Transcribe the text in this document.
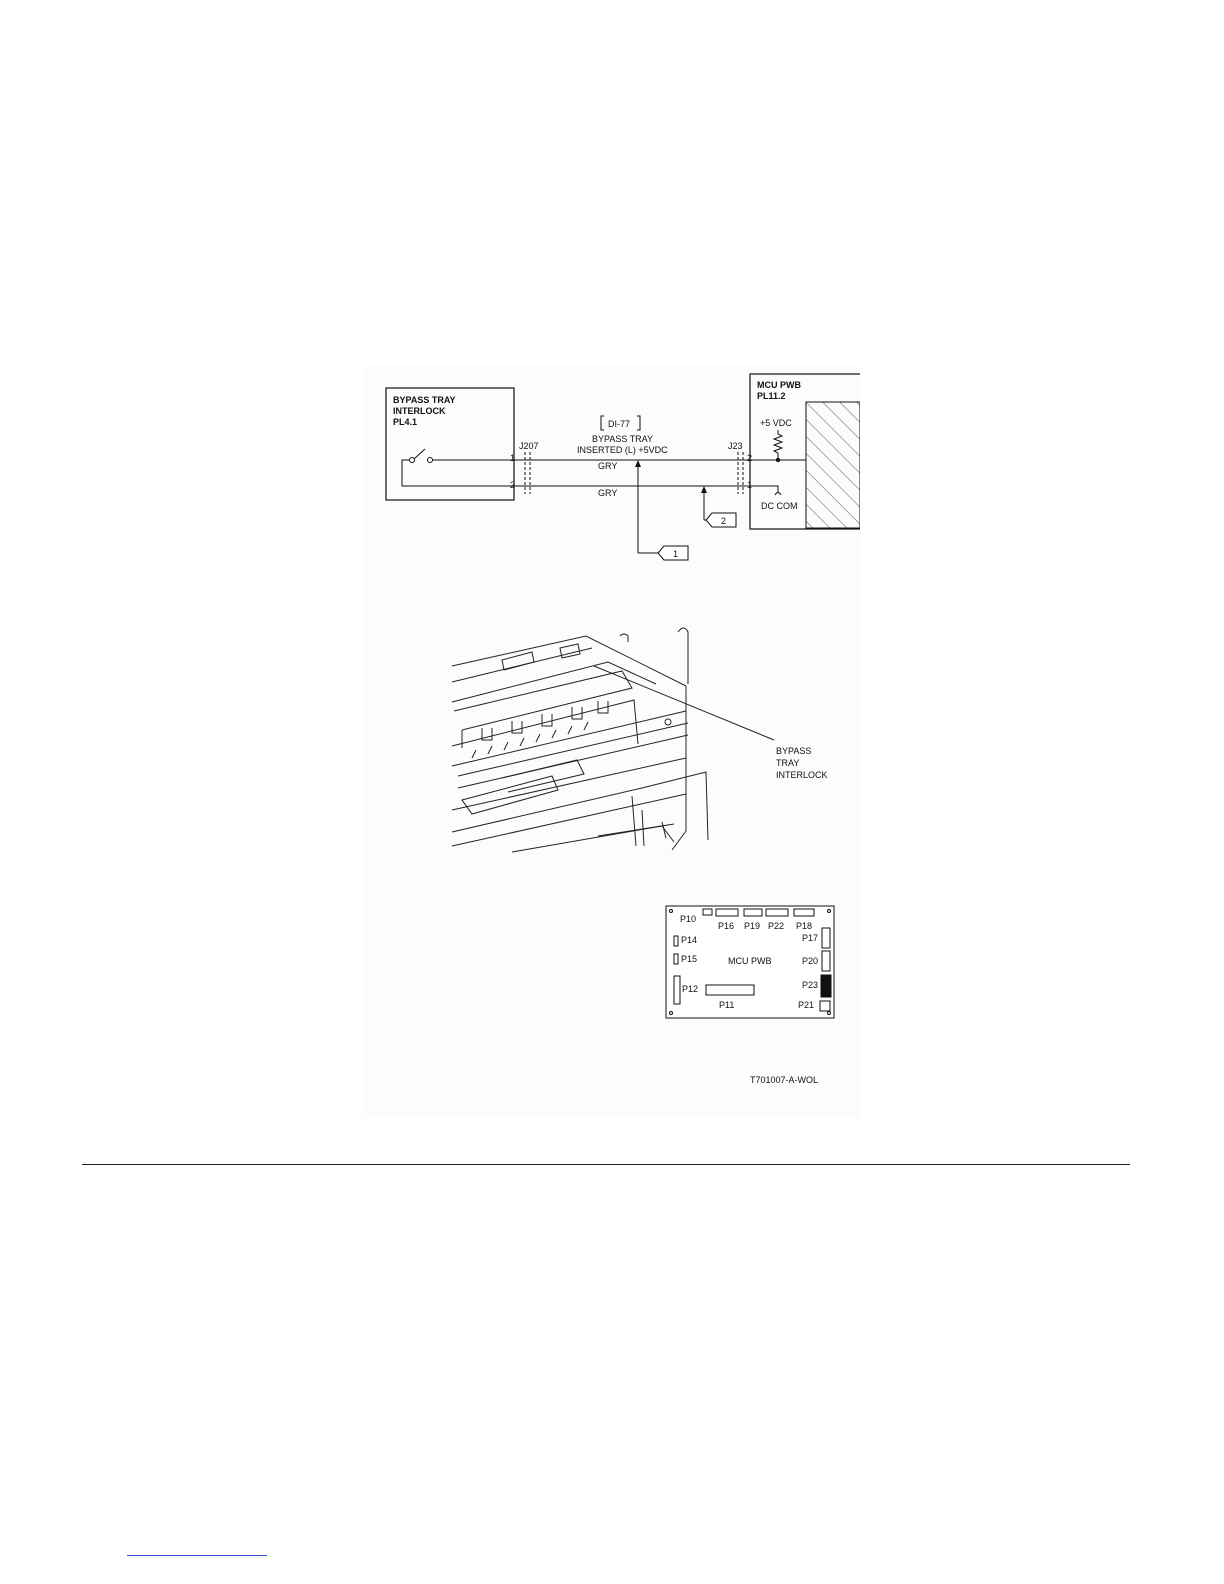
BYPASS TRAY
INTERLOCK
PL4.1
J207
1
2
DI-77
BYPASS TRAY
INSERTED (L) +5VDC
GRY
GRY
1
2
J23
2
1
MCU PWB
PL11.2
+5 VDC
DC COM
BYPASS
TRAY
INTERLOCK
P10
P16 P19 P22 P18
P14
P15
P12
P11
P17
P20
P23
P21
MCU PWB
T701007-A-WOL
